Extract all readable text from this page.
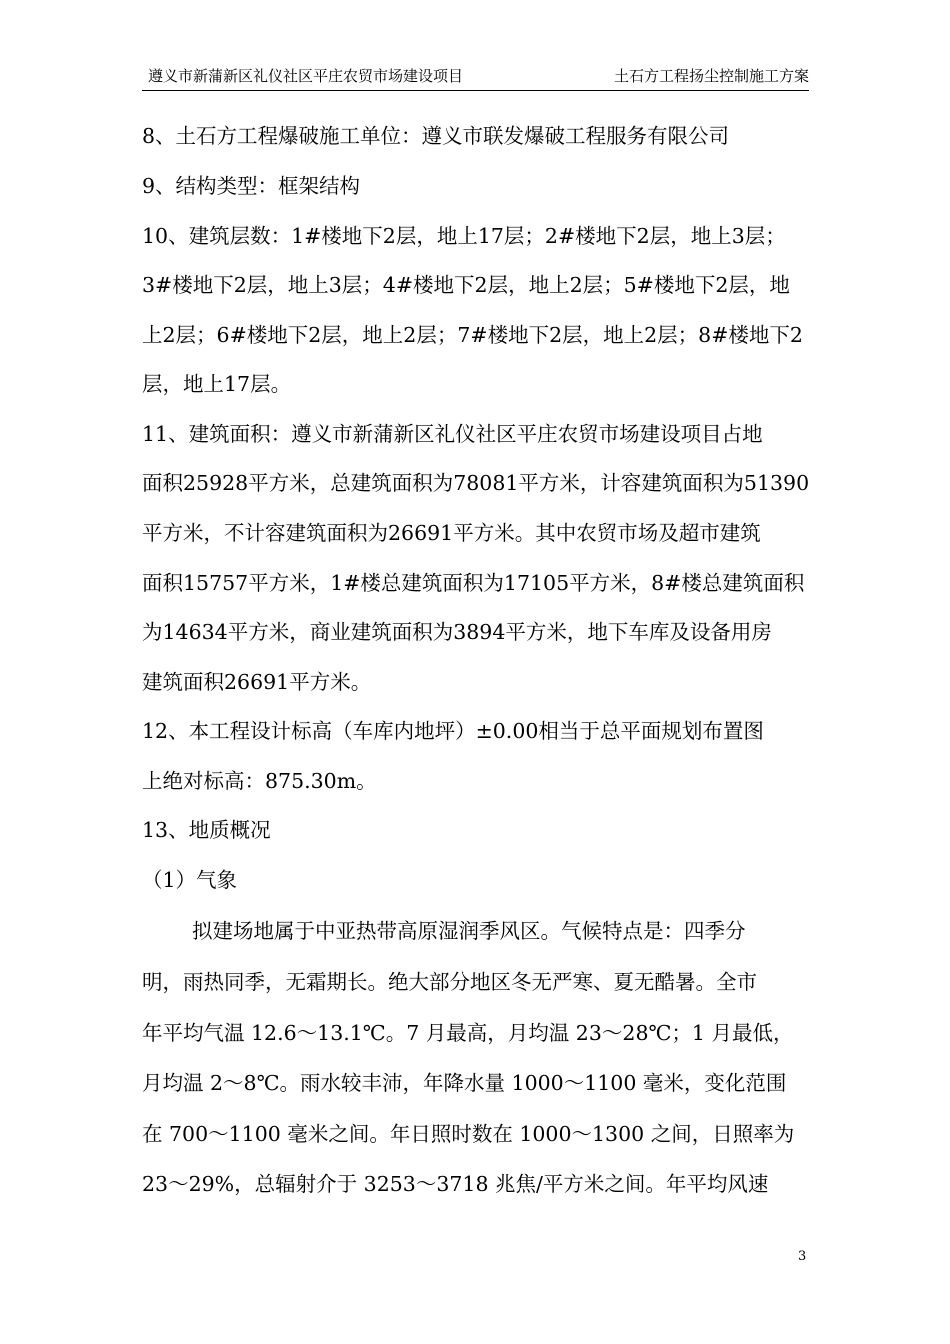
遵义市新蒲新区礼仪社区平庄农贸市场建设项目	土石方工程扬尘控制施工方案
8、土石方工程爆破施工单位：遵义市联发爆破工程服务有限公司
9、结构类型：框架结构
10、建筑层数：1#楼地下2层，地上17层；2#楼地下2层，地上3层；
3#楼地下2层，地上3层；4#楼地下2层，地上2层；5#楼地下2层，地
上2层；6#楼地下2层，地上2层；7#楼地下2层，地上2层；8#楼地下2
层，地上17层。
11、建筑面积：遵义市新蒲新区礼仪社区平庄农贸市场建设项目占地
面积25928平方米，总建筑面积为78081平方米，计容建筑面积为51390
平方米，不计容建筑面积为26691平方米。其中农贸市场及超市建筑
面积15757平方米，1#楼总建筑面积为17105平方米，8#楼总建筑面积
为14634平方米，商业建筑面积为3894平方米，地下车库及设备用房
建筑面积26691平方米。
12、本工程设计标高（车库内地坪）±0.00相当于总平面规划布置图
上绝对标高：875.30m。
13、地质概况
（1）气象
拟建场地属于中亚热带高原湿润季风区。气候特点是：四季分
明，雨热同季，无霜期长。绝大部分地区冬无严寒、夏无酷暑。全市
年平均气温 12.6～13.1℃。7 月最高，月均温 23～28℃；1 月最低，
月均温 2～8℃。雨水较丰沛，年降水量 1000～1100 毫米，变化范围
在 700～1100 毫米之间。年日照时数在 1000～1300 之间，日照率为
23～29%，总辐射介于 3253～3718 兆焦/平方米之间。年平均风速
3
